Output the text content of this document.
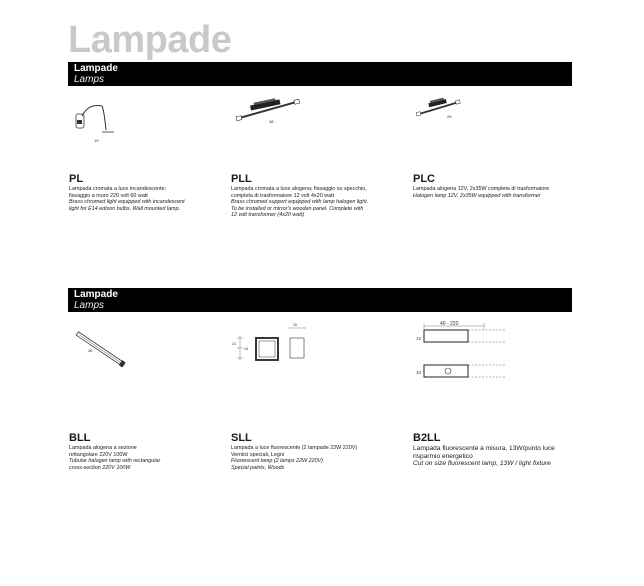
Lampade
Lampade
Lamps
19
38
26
PL
Lampada cromata a luce incandescente;
fissaggio a muro 220 volt 60 watt
Brass chromed light equipped with incandescent
light for E14 edison bulbs. Wall mounted lamp.
PLL
Lampada cromata a luce alogena; fissaggio su specchio,
completa di trasformatore 12 volt 4x20 watt
Brass chromed support equipped with lamp halogen light.
To be installed or mirror's wooden panel. Complete with
12 volt transformer (4x20 watt)
PLC
Lampada alogena 12V. 2x35W completa di trasformatore
Halogen lamp 12V. 2x35W equipped with transformer
Lampade
Lamps
46
24
18
15	40 - 220
12
10
BLL
Lampada alogena a sezione
rettangolare 220V 100W
Tubular halogen lamp with rectangular
cross-section 220V 100W
SLL
Lampada a luce fluorescente (2 lampade 22W 220V)
Verniici speciali, Legni
Fluorescent lamp (2 lamps 22W 220V)
Special paints, Woods
B2LL
Lampada fluorescente a misura, 13W/punto luce
risparmio energetico
Cut on size fluorescent lamp, 13W / light fixture
